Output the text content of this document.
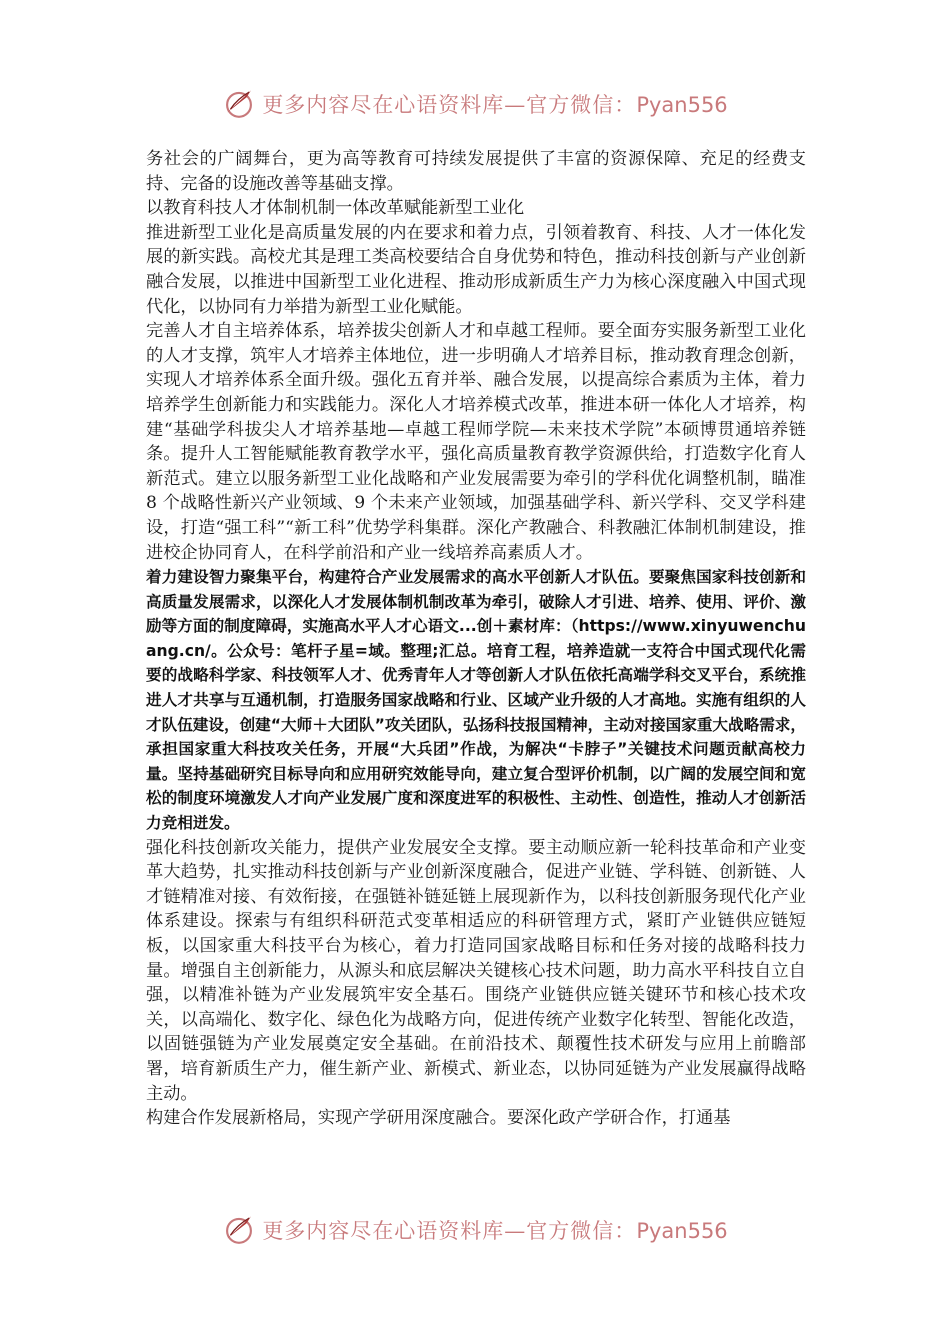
更多内容尽在心语资料库—官方微信：Pyan556

务社会的广阔舞台，更为高等教育可持续发展提供了丰富的资源保障、充足的经费支持、完备的设施改善等基础支撑。

以教育科技人才体制机制一体改革赋能新型工业化

推进新型工业化是高质量发展的内在要求和着力点，引领着教育、科技、人才一体化发展的新实践。高校尤其是理工类高校要结合自身优势和特色，推动科技创新与产业创新融合发展，以推进中国新型工业化进程、推动形成新质生产力为核心深度融入中国式现代化，以协同有力举措为新型工业化赋能。

完善人才自主培养体系，培养拔尖创新人才和卓越工程师。要全面夯实服务新型工业化的人才支撑，筑牢人才培养主体地位，进一步明确人才培养目标，推动教育理念创新，实现人才培养体系全面升级。强化五育并举、融合发展，以提高综合素质为主体，着力培养学生创新能力和实践能力。深化人才培养模式改革，推进本研一体化人才培养，构建“基础学科拔尖人才培养基地—卓越工程师学院—未来技术学院”本硕博贯通培养链条。提升人工智能赋能教育教学水平，强化高质量教育教学资源供给，打造数字化育人新范式。建立以服务新型工业化战略和产业发展需要为牵引的学科优化调整机制，瞄准 8 个战略性新兴产业领域、9 个未来产业领域，加强基础学科、新兴学科、交叉学科建设，打造“强工科”“新工科”优势学科集群。深化产教融合、科教融汇体制机制建设，推进校企协同育人，在科学前沿和产业一线培养高素质人才。

着力建设智力聚集平台，构建符合产业发展需求的高水平创新人才队伍。要聚焦国家科技创新和高质量发展需求，以深化人才发展体制机制改革为牵引，破除人才引进、培养、使用、评价、激励等方面的制度障碍，实施高水平人才心语文...创＋素材库：（https://www.xinyuwenchuang.cn/。公众号：笔杆子星=域。整理;汇总。培育工程，培养造就一支符合中国式现代化需要的战略科学家、科技领军人才、优秀青年人才等创新人才队伍依托高端学科交叉平台，系统推进人才共享与互通机制，打造服务国家战略和行业、区域产业升级的人才高地。实施有组织的人才队伍建设，创建“大师＋大团队”攻关团队，弘扬科技报国精神，主动对接国家重大战略需求，承担国家重大科技攻关任务，开展“大兵团”作战，为解决“卡脖子”关键技术问题贡献高校力量。坚持基础研究目标导向和应用研究效能导向，建立复合型评价机制，以广阔的发展空间和宽松的制度环境激发人才向产业发展广度和深度进军的积极性、主动性、创造性，推动人才创新活力竞相迸发。

强化科技创新攻关能力，提供产业发展安全支撑。要主动顺应新一轮科技革命和产业变革大趋势，扎实推动科技创新与产业创新深度融合，促进产业链、学科链、创新链、人才链精准对接、有效衔接，在强链补链延链上展现新作为，以科技创新服务现代化产业体系建设。探索与有组织科研范式变革相适应的科研管理方式，紧盯产业链供应链短板，以国家重大科技平台为核心，着力打造同国家战略目标和任务对接的战略科技力量。增强自主创新能力，从源头和底层解决关键核心技术问题，助力高水平科技自立自强，以精准补链为产业发展筑牢安全基石。围绕产业链供应链关键环节和核心技术攻关，以高端化、数字化、绿色化为战略方向，促进传统产业数字化转型、智能化改造，以固链强链为产业发展奠定安全基础。在前沿技术、颠覆性技术研发与应用上前瞻部署，培育新质生产力，催生新产业、新模式、新业态，以协同延链为产业发展赢得战略主动。

构建合作发展新格局，实现产学研用深度融合。要深化政产学研合作，打通基

更多内容尽在心语资料库—官方微信：Pyan556
